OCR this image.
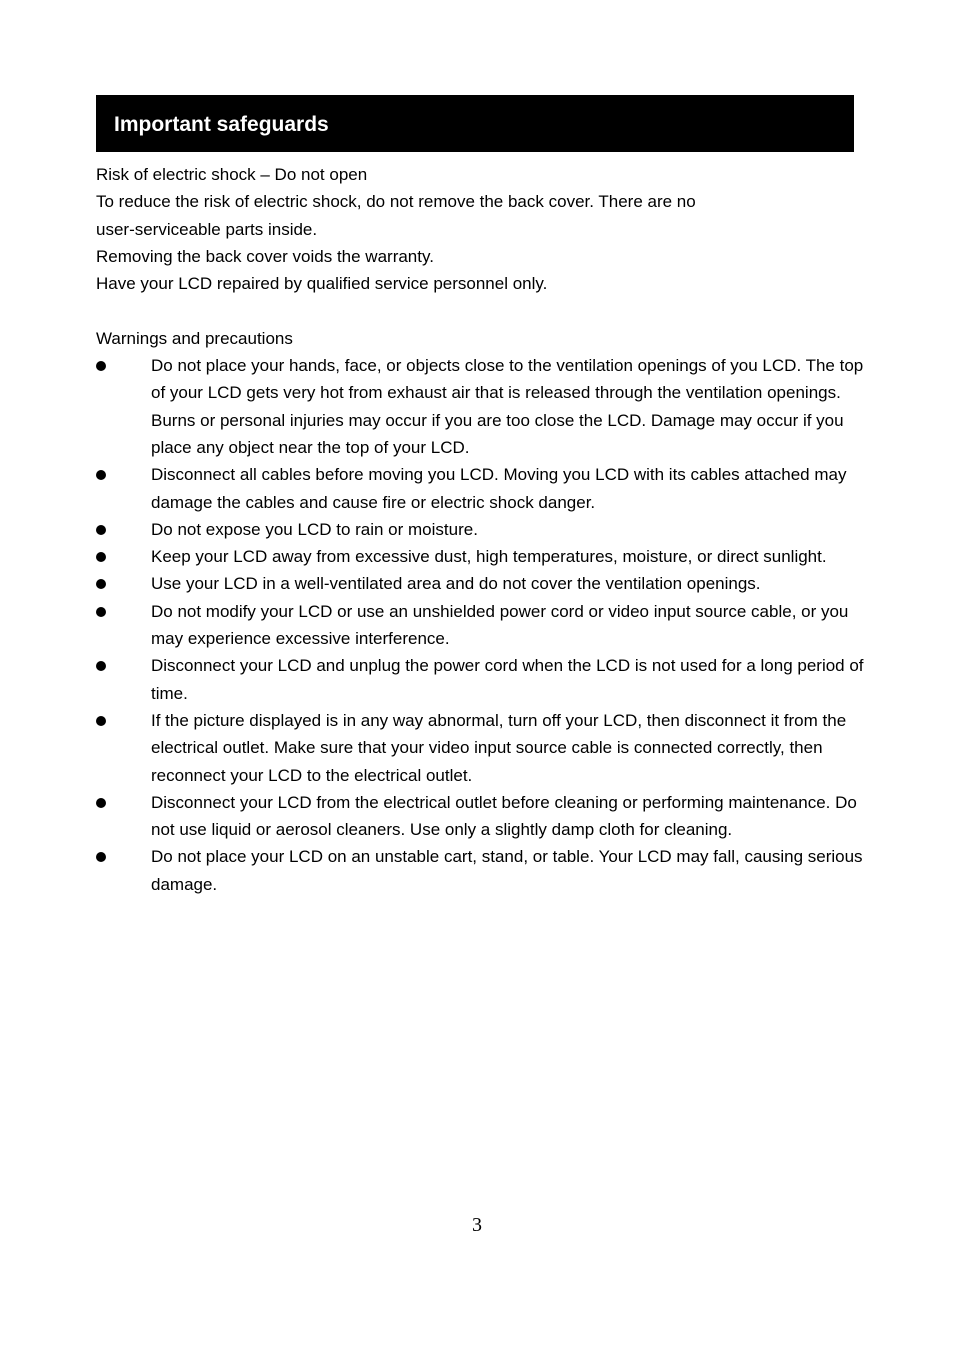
Important safeguards
Risk of electric shock – Do not open
To reduce the risk of electric shock, do not remove the back cover. There are no
user-serviceable parts inside.
Removing the back cover voids the warranty.
Have your LCD repaired by qualified service personnel only.
Warnings and precautions
Do not place your hands, face, or objects close to the ventilation openings of you LCD. The top of your LCD gets very hot from exhaust air that is released through the ventilation openings. Burns or personal injuries may occur if you are too close the LCD. Damage may occur if you place any object near the top of your LCD.
Disconnect all cables before moving you LCD. Moving you LCD with its cables attached may damage the cables and cause fire or electric shock danger.
Do not expose you LCD to rain or moisture.
Keep your LCD away from excessive dust, high temperatures, moisture, or direct sunlight.
Use your LCD in a well-ventilated area and do not cover the ventilation openings.
Do not modify your LCD or use an unshielded power cord or video input source cable, or you may experience excessive interference.
Disconnect your LCD and unplug the power cord when the LCD is not used for a long period of time.
If the picture displayed is in any way abnormal, turn off your LCD, then disconnect it from the electrical outlet. Make sure that your video input source cable is connected correctly, then reconnect your LCD to the electrical outlet.
Disconnect your LCD from the electrical outlet before cleaning or performing maintenance. Do not use liquid or aerosol cleaners. Use only a slightly damp cloth for cleaning.
Do not place your LCD on an unstable cart, stand, or table. Your LCD may fall, causing serious damage.
3
